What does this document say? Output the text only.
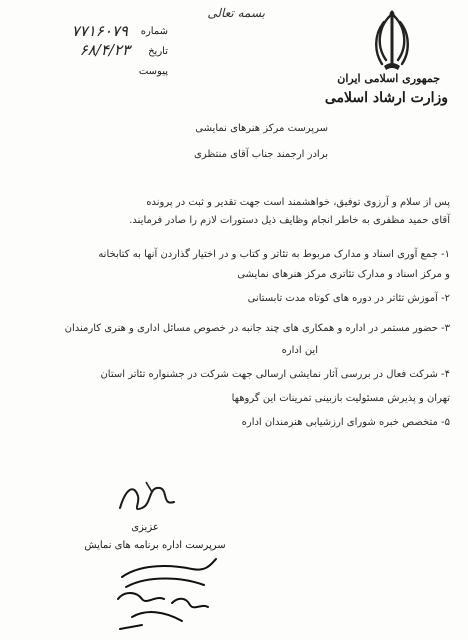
بسمه تعالی
جمهوری اسلامی ایران
وزارت ارشاد اسلامی
شماره
۷۷۱۶۰۷۹
تاریخ
۶۸/۴/۲۳
پیوست
سرپرست مرکز هنرهای نمایشی
برادر ارجمند جناب آقای منتظری
پس از سلام و آرزوی توفیق، خواهشمند است جهت تقدیر و ثبت در پرونده
آقای حمید مظفری به خاطر انجام وظایف ذیل دستورات لازم را صادر فرمایند.
۱- جمع آوری اسناد و مدارک مربوط به تئاتر و کتاب و در اختیار گذاردن آنها به کتابخانه
و مرکز اسناد و مدارک تئاتری مرکز هنرهای نمایشی
۲- آموزش تئاتر در دوره های کوتاه مدت تابستانی
۳- حضور مستمر در اداره و همکاری های چند جانبه در خصوص مسائل اداری و هنری کارمندان
این اداره
۴- شرکت فعال در بررسی آثار نمایشی ارسالی جهت شرکت در جشنواره تئاتر استان
تهران و پذیرش مسئولیت بازبینی تمرینات این گروهها
۵- متخصص خبره شورای ارزشیابی هنرمندان اداره
عزیزی
سرپرست اداره برنامه های نمایش
